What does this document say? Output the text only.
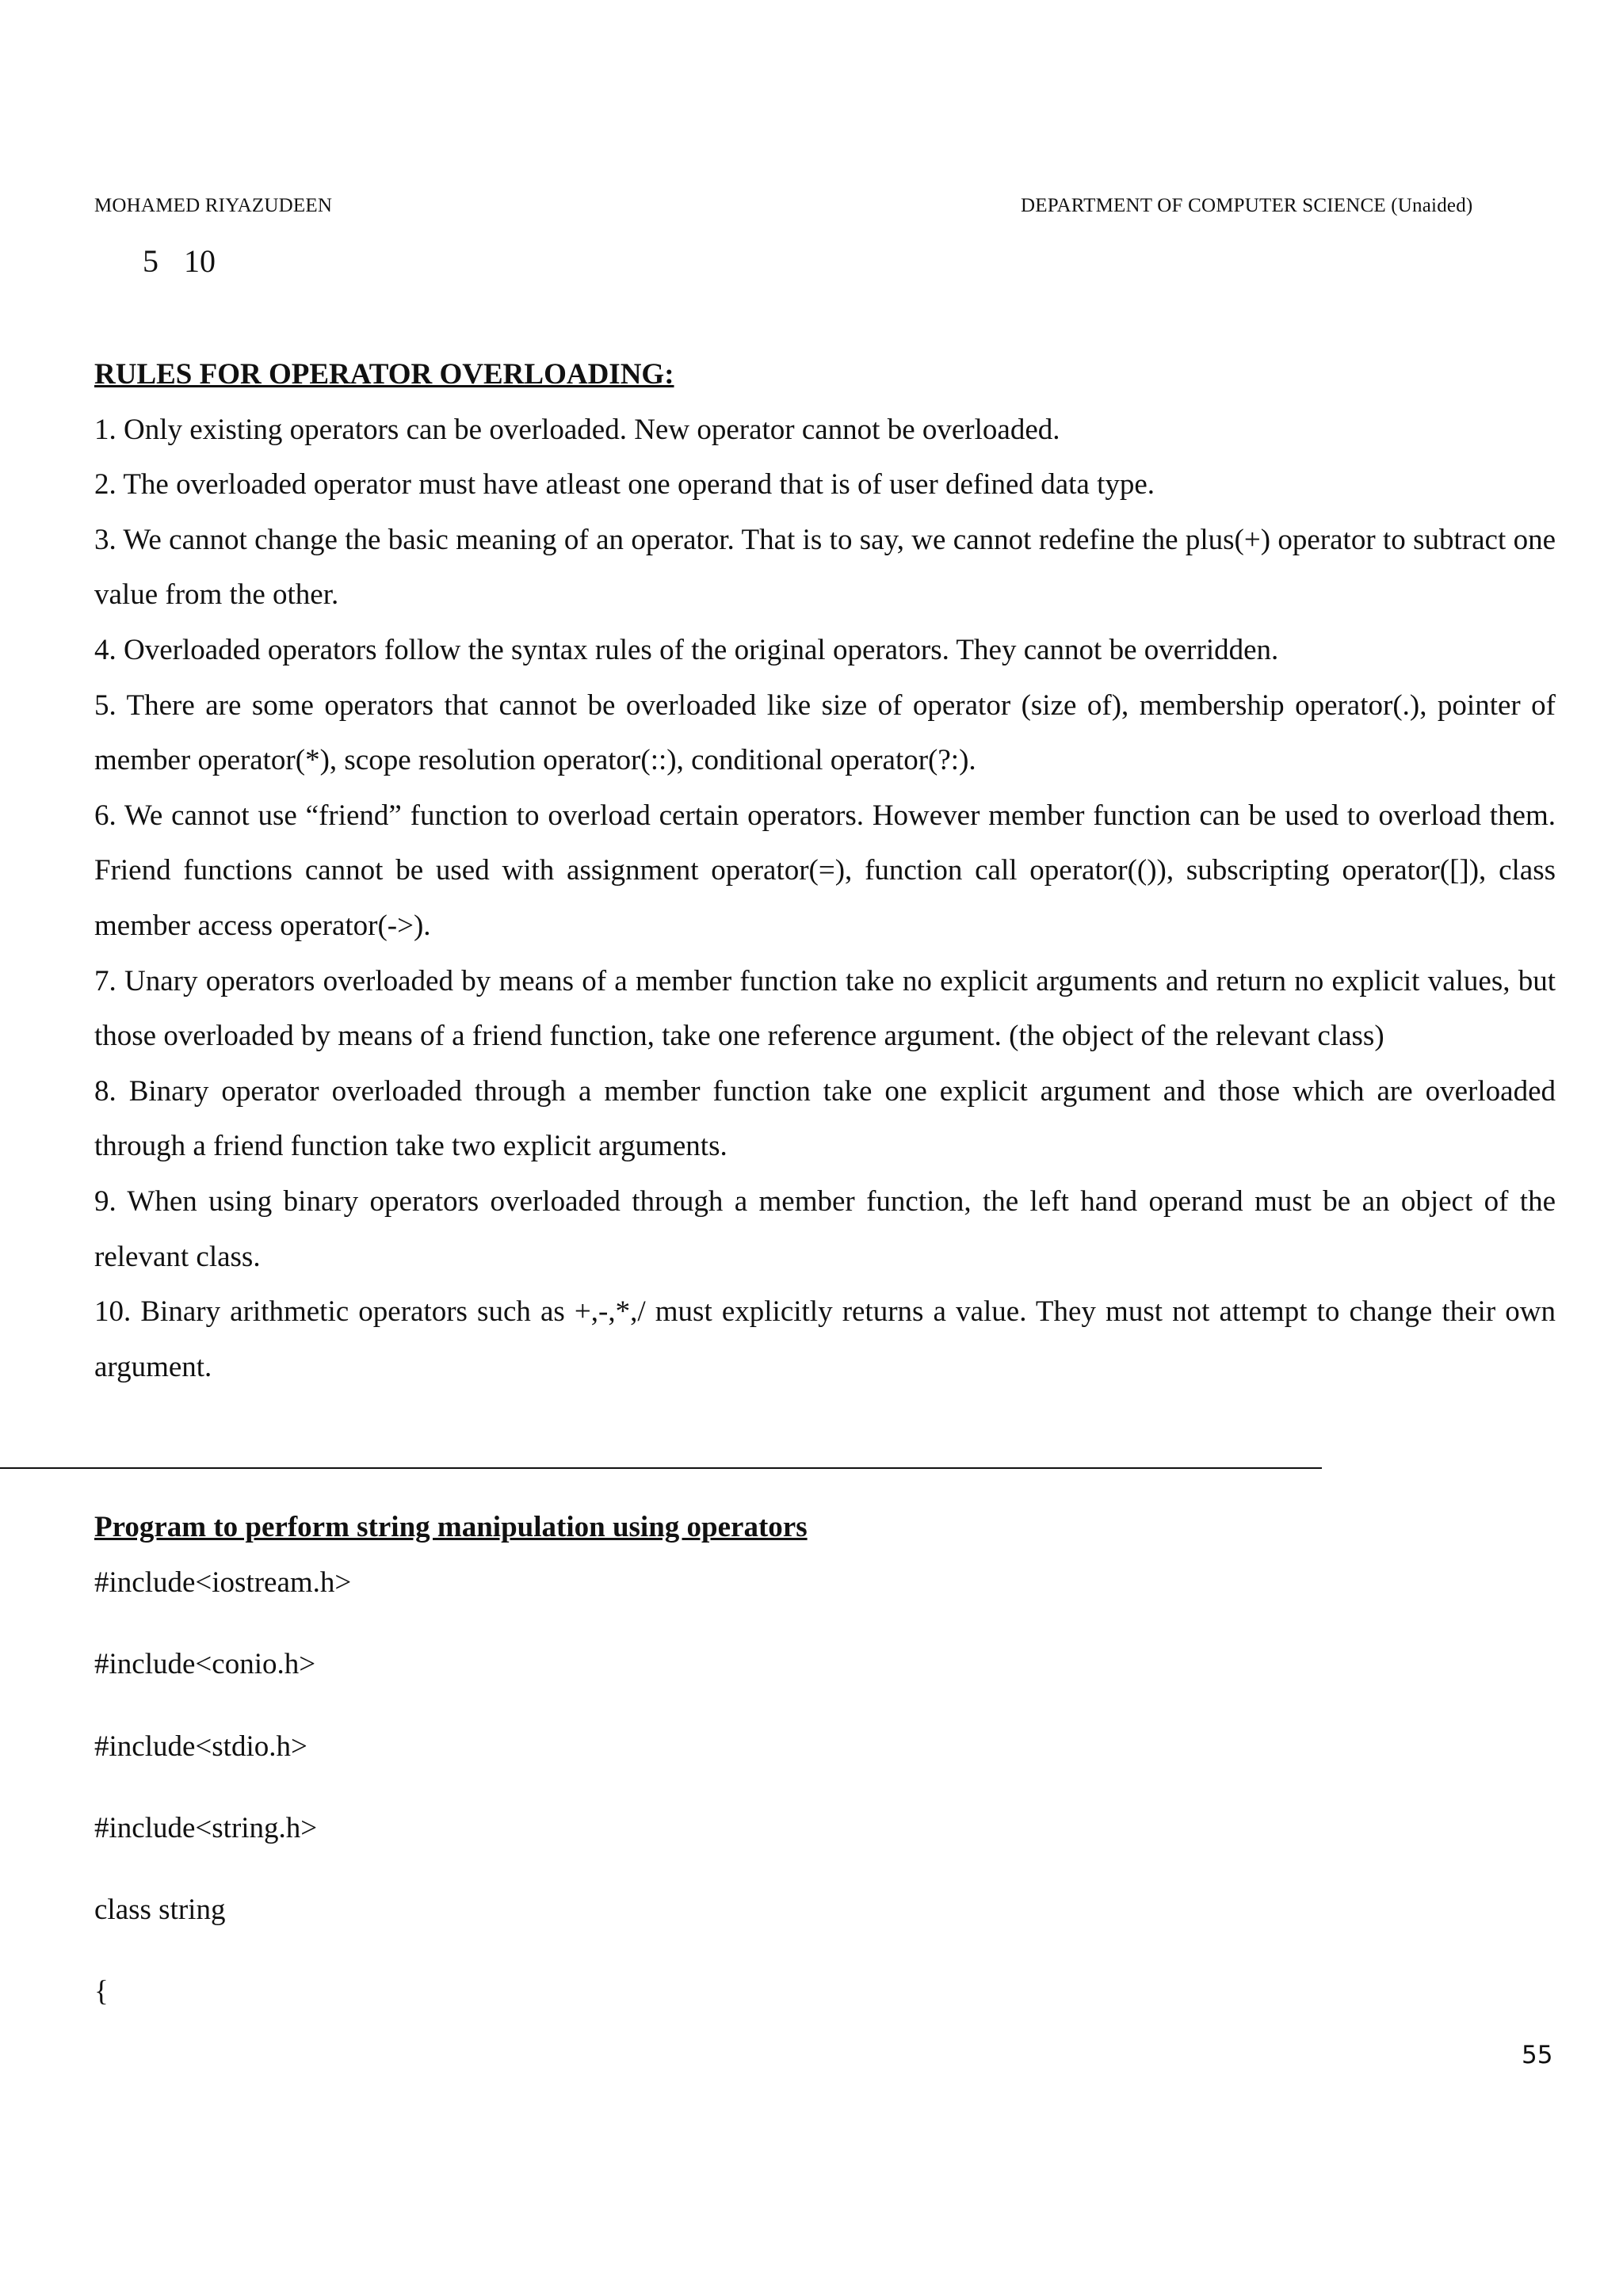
MOHAMED RIYAZUDEEN	DEPARTMENT OF COMPUTER SCIENCE (Unaided)
5 10

RULES FOR OPERATOR OVERLOADING:

1. Only existing operators can be overloaded. New operator cannot be overloaded.

2. The overloaded operator must have atleast one operand that is of user defined data type.

3. We cannot change the basic meaning of an operator. That is to say, we cannot redefine the plus(+) operator to subtract one value from the other.

4. Overloaded operators follow the syntax rules of the original operators. They cannot be overridden.

5. There are some operators that cannot be overloaded like size of operator (size of), membership operator(.), pointer of member operator(*), scope resolution operator(::), conditional operator(?:).

6. We cannot use “friend” function to overload certain operators. However member function can be used to overload them. Friend functions cannot be used with assignment operator(=), function call operator(()), subscripting operator([]), class member access operator(->).

7. Unary operators overloaded by means of a member function take no explicit arguments and return no explicit values, but those overloaded by means of a friend function, take one reference argument. (the object of the relevant class)

8. Binary operator overloaded through a member function take one explicit argument and those which are overloaded through a friend function take two explicit arguments.

9. When using binary operators overloaded through a member function, the left hand operand must be an object of the relevant class.

10. Binary arithmetic operators such as +,-,*,/ must explicitly returns a value. They must not attempt to change their own argument.

Program to perform string manipulation using operators
#include<iostream.h>
#include<conio.h>
#include<stdio.h>
#include<string.h>
class string
{
55
